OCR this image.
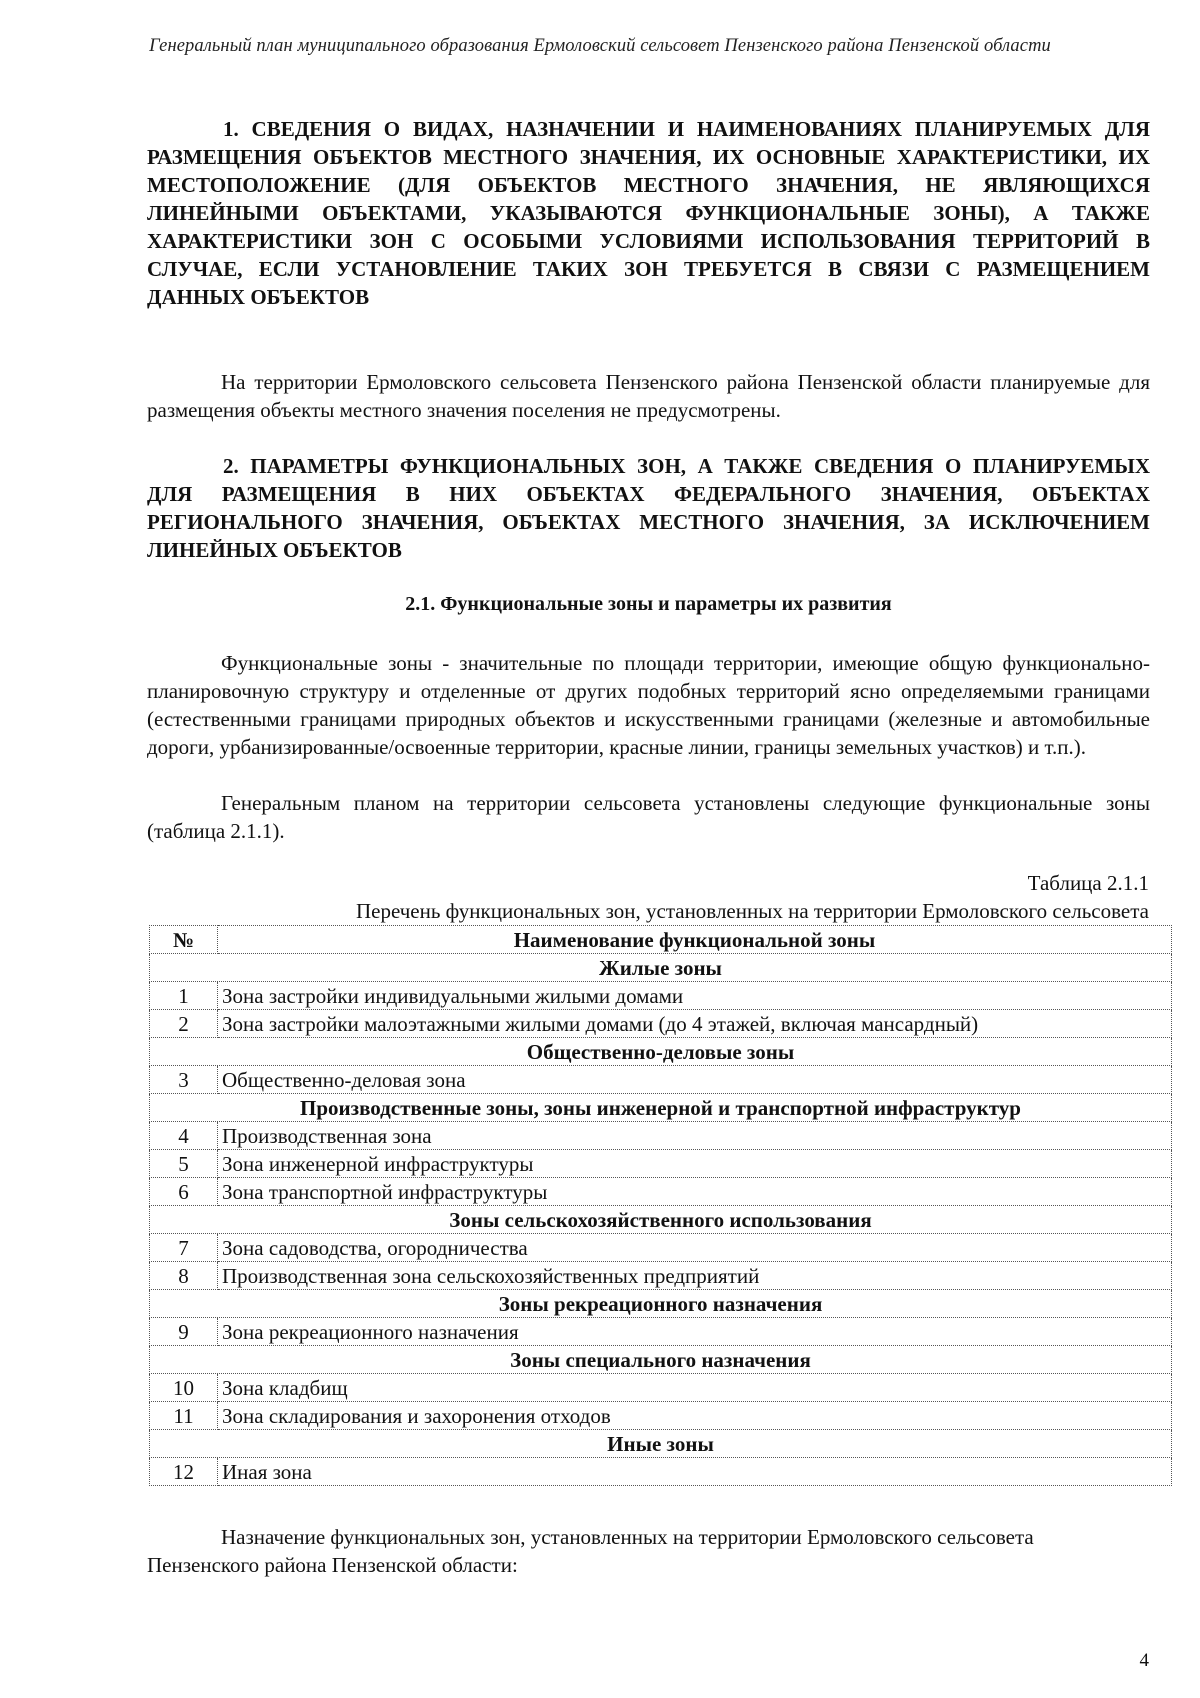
Генеральный план муниципального образования Ермоловский сельсовет Пензенского района Пензенской области
1. СВЕДЕНИЯ О ВИДАХ, НАЗНАЧЕНИИ И НАИМЕНОВАНИЯХ ПЛАНИРУЕМЫХ ДЛЯ РАЗМЕЩЕНИЯ ОБЪЕКТОВ МЕСТНОГО ЗНАЧЕНИЯ, ИХ ОСНОВНЫЕ ХАРАКТЕРИСТИКИ, ИХ МЕСТОПОЛОЖЕНИЕ (ДЛЯ ОБЪЕКТОВ МЕСТНОГО ЗНАЧЕНИЯ, НЕ ЯВЛЯЮЩИХСЯ ЛИНЕЙНЫМИ ОБЪЕКТАМИ, УКАЗЫВАЮТСЯ ФУНКЦИОНАЛЬНЫЕ ЗОНЫ), А ТАКЖЕ ХАРАКТЕРИСТИКИ ЗОН С ОСОБЫМИ УСЛОВИЯМИ ИСПОЛЬЗОВАНИЯ ТЕРРИТОРИЙ В СЛУЧАЕ, ЕСЛИ УСТАНОВЛЕНИЕ ТАКИХ ЗОН ТРЕБУЕТСЯ В СВЯЗИ С РАЗМЕЩЕНИЕМ ДАННЫХ ОБЪЕКТОВ
На территории Ермоловского сельсовета Пензенского района Пензенской области планируемые для размещения объекты местного значения поселения не предусмотрены.
2. ПАРАМЕТРЫ ФУНКЦИОНАЛЬНЫХ ЗОН, А ТАКЖЕ СВЕДЕНИЯ О ПЛАНИРУЕМЫХ ДЛЯ РАЗМЕЩЕНИЯ В НИХ ОБЪЕКТАХ ФЕДЕРАЛЬНОГО ЗНАЧЕНИЯ, ОБЪЕКТАХ РЕГИОНАЛЬНОГО ЗНАЧЕНИЯ, ОБЪЕКТАХ МЕСТНОГО ЗНАЧЕНИЯ, ЗА ИСКЛЮЧЕНИЕМ ЛИНЕЙНЫХ ОБЪЕКТОВ
2.1. Функциональные зоны и параметры их развития
Функциональные зоны - значительные по площади территории, имеющие общую функционально-планировочную структуру и отделенные от других подобных территорий ясно определяемыми границами (естественными границами природных объектов и искусственными границами (железные и автомобильные дороги, урбанизированные/освоенные территории, красные линии, границы земельных участков) и т.п.).
Генеральным планом на территории сельсовета установлены следующие функциональные зоны (таблица 2.1.1).
Таблица 2.1.1
Перечень функциональных зон, установленных на территории Ермоловского сельсовета
№	Наименование функциональной зоны
Жилые зоны	
1	Зона застройки индивидуальными жилыми домами
2	Зона застройки малоэтажными жилыми домами (до 4 этажей, включая мансардный)
Общественно-деловые зоны	
3	Общественно-деловая зона
Производственные зоны, зоны инженерной и транспортной инфраструктур	
4	Производственная зона
5	Зона инженерной инфраструктуры
6	Зона транспортной инфраструктуры
Зоны сельскохозяйственного использования	
7	Зона садоводства, огородничества
8	Производственная зона сельскохозяйственных предприятий
Зоны рекреационного назначения	
9	Зона рекреационного назначения
Зоны специального назначения	
10	Зона кладбищ
11	Зона складирования и захоронения отходов
Иные зоны	
12	Иная зона
Назначение функциональных зон, установленных на территории Ермоловского сельсовета Пензенского района Пензенской области:
4
